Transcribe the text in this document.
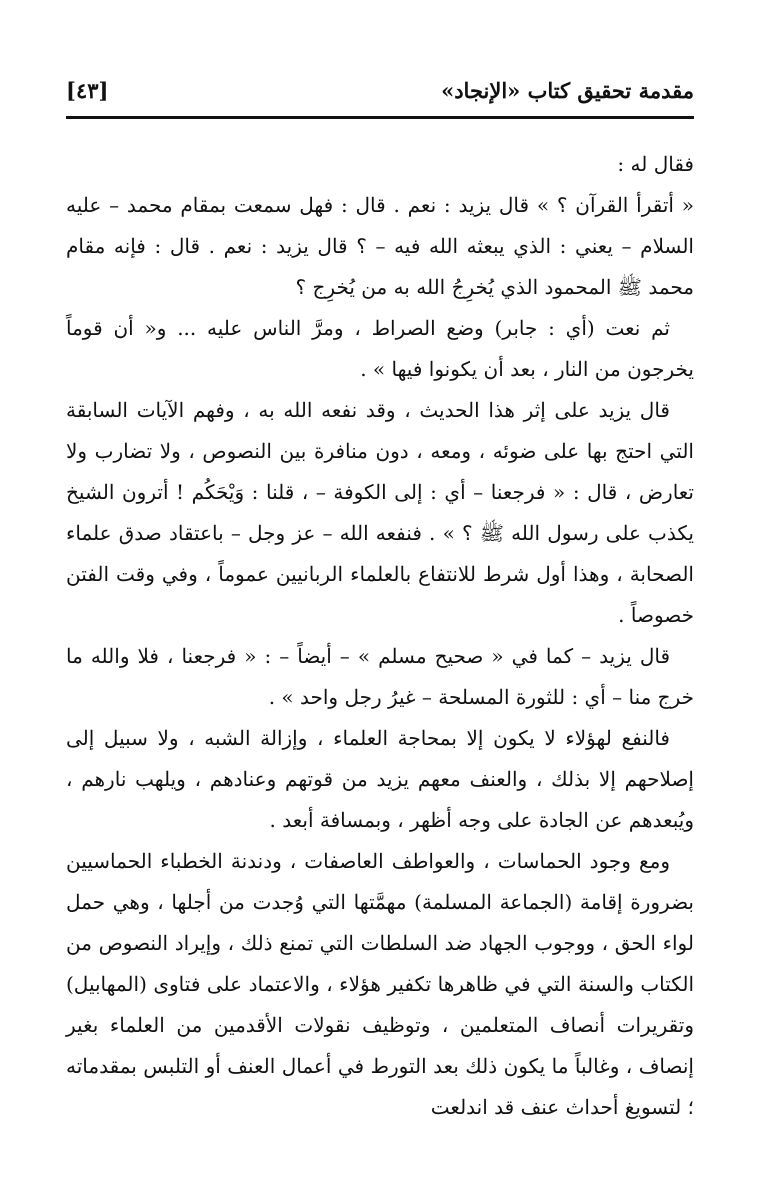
مقدمة تحقيق كتاب «الإنجاد»
[٤٣]

فقال له :

« أتقرأ القرآن ؟ » قال يزيد : نعم . قال : فهل سمعت بمقام محمد – عليه السلام – يعني : الذي يبعثه الله فيه – ؟ قال يزيد : نعم . قال : فإنه مقام محمد ﷺ المحمود الذي يُخرِجُ الله به من يُخرِج ؟

ثم نعت (أي : جابر) وضع الصراط ، ومرَّ الناس عليه ... و« أن قوماً يخرجون من النار ، بعد أن يكونوا فيها » .

قال يزيد على إثر هذا الحديث ، وقد نفعه الله به ، وفهم الآيات السابقة التي احتج بها على ضوئه ، ومعه ، دون منافرة بين النصوص ، ولا تضارب ولا تعارض ، قال : « فرجعنا – أي : إلى الكوفة – ، قلنا : وَيْحَكُم ! أترون الشيخ يكذب على رسول الله ﷺ ؟ » . فنفعه الله – عز وجل – باعتقاد صدق علماء الصحابة ، وهذا أول شرط للانتفاع بالعلماء الربانيين عموماً ، وفي وقت الفتن خصوصاً .

قال يزيد – كما في « صحيح مسلم » – أيضاً – : « فرجعنا ، فلا والله ما خرج منا – أي : للثورة المسلحة – غيرُ رجل واحد » .

فالنفع لهؤلاء لا يكون إلا بمحاجة العلماء ، وإزالة الشبه ، ولا سبيل إلى إصلاحهم إلا بذلك ، والعنف معهم يزيد من قوتهم وعنادهم ، ويلهب نارهم ، ويُبعدهم عن الجادة على وجه أظهر ، وبمسافة أبعد .

ومع وجود الحماسات ، والعواطف العاصفات ، ودندنة الخطباء الحماسيين بضرورة إقامة (الجماعة المسلمة) مهمَّتها التي وُجدت من أجلها ، وهي حمل لواء الحق ، ووجوب الجهاد ضد السلطات التي تمنع ذلك ، وإيراد النصوص من الكتاب والسنة التي في ظاهرها تكفير هؤلاء ، والاعتماد على فتاوى (المهابيل) وتقريرات أنصاف المتعلمين ، وتوظيف نقولات الأقدمين من العلماء بغير إنصاف ، وغالباً ما يكون ذلك بعد التورط في أعمال العنف أو التلبس بمقدماته ؛ لتسويغ أحداث عنف قد اندلعت
